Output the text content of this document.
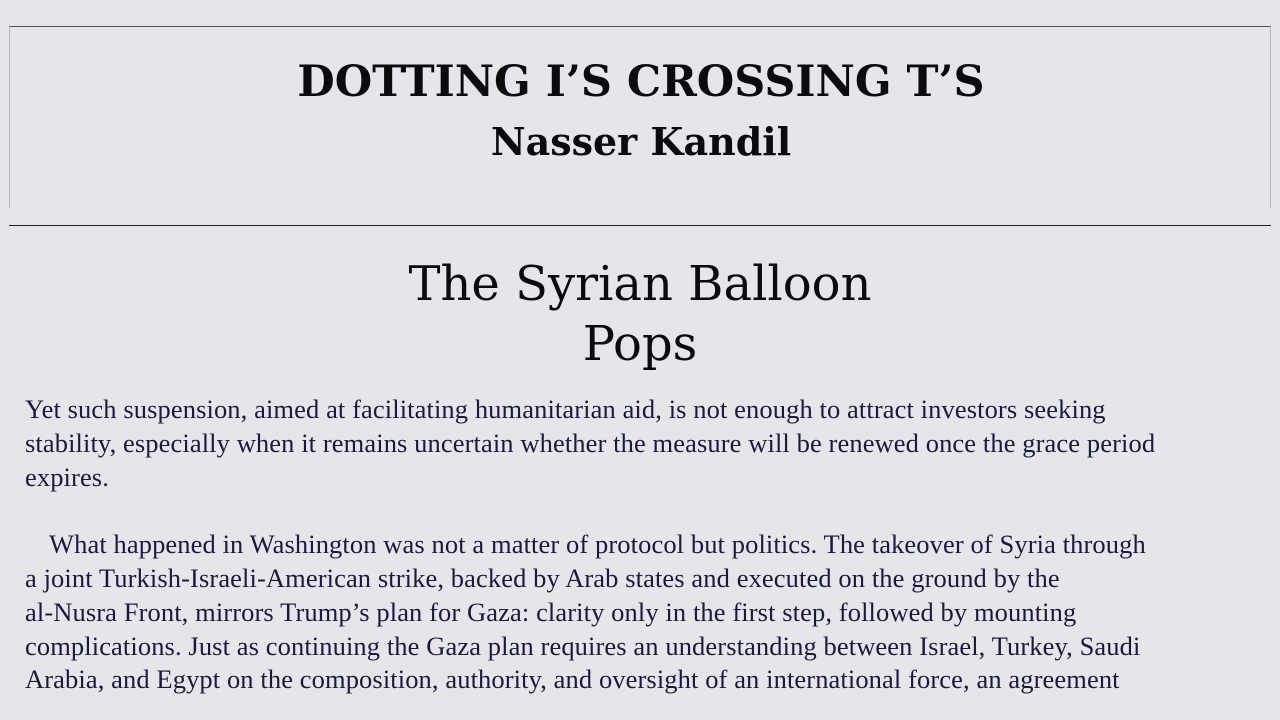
DOTTING I’S CROSSING T’S
Nasser Kandil
The Syrian Balloon
Pops

Yet such suspension, aimed at facilitating humanitarian aid, is not enough to attract investors seeking

stability, especially when it remains uncertain whether the measure will be renewed once the grace period

expires.

What happened in Washington was not a matter of protocol but politics. The takeover of Syria through

a joint Turkish-Israeli-American strike, backed by Arab states and executed on the ground by the

al-Nusra Front, mirrors Trump’s plan for Gaza: clarity only in the first step, followed by mounting

complications. Just as continuing the Gaza plan requires an understanding between Israel, Turkey, Saudi

Arabia, and Egypt on the composition, authority, and oversight of an international force, an agreement
